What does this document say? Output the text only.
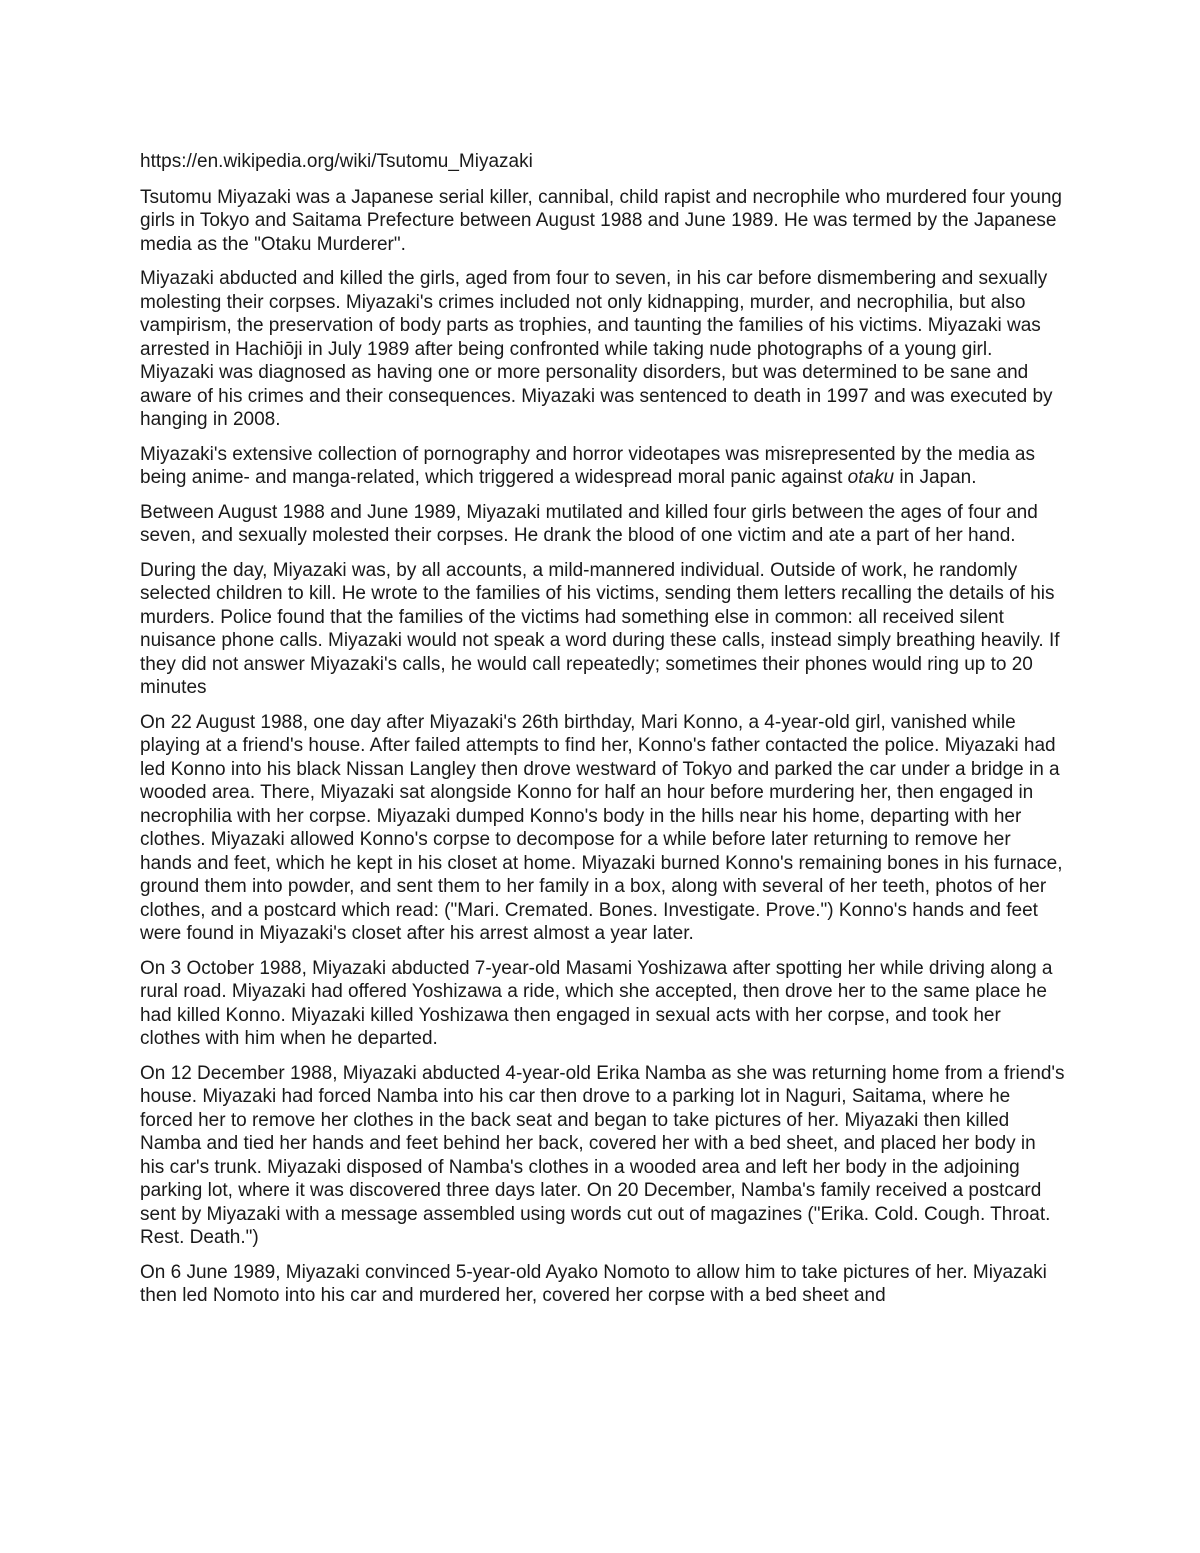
https://en.wikipedia.org/wiki/Tsutomu_Miyazaki

Tsutomu Miyazaki was a Japanese serial killer, cannibal, child rapist and necrophile who murdered four young girls in Tokyo and Saitama Prefecture between August 1988 and June 1989. He was termed by the Japanese media as the "Otaku Murderer".

Miyazaki abducted and killed the girls, aged from four to seven, in his car before dismembering and sexually molesting their corpses. Miyazaki's crimes included not only kidnapping, murder, and necrophilia, but also vampirism, the preservation of body parts as trophies, and taunting the families of his victims. Miyazaki was arrested in Hachiōji in July 1989 after being confronted while taking nude photographs of a young girl. Miyazaki was diagnosed as having one or more personality disorders, but was determined to be sane and aware of his crimes and their consequences. Miyazaki was sentenced to death in 1997 and was executed by hanging in 2008.

Miyazaki's extensive collection of pornography and horror videotapes was misrepresented by the media as being anime- and manga-related, which triggered a widespread moral panic against otaku in Japan.

Between August 1988 and June 1989, Miyazaki mutilated and killed four girls between the ages of four and seven, and sexually molested their corpses. He drank the blood of one victim and ate a part of her hand.

During the day, Miyazaki was, by all accounts, a mild-mannered individual. Outside of work, he randomly selected children to kill. He wrote to the families of his victims, sending them letters recalling the details of his murders. Police found that the families of the victims had something else in common: all received silent nuisance phone calls. Miyazaki would not speak a word during these calls, instead simply breathing heavily. If they did not answer Miyazaki's calls, he would call repeatedly; sometimes their phones would ring up to 20 minutes

On 22 August 1988, one day after Miyazaki's 26th birthday, Mari Konno, a 4-year-old girl, vanished while playing at a friend's house. After failed attempts to find her, Konno's father contacted the police. Miyazaki had led Konno into his black Nissan Langley then drove westward of Tokyo and parked the car under a bridge in a wooded area. There, Miyazaki sat alongside Konno for half an hour before murdering her, then engaged in necrophilia with her corpse. Miyazaki dumped Konno's body in the hills near his home, departing with her clothes. Miyazaki allowed Konno's corpse to decompose for a while before later returning to remove her hands and feet, which he kept in his closet at home. Miyazaki burned Konno's remaining bones in his furnace, ground them into powder, and sent them to her family in a box, along with several of her teeth, photos of her clothes, and a postcard which read: ("Mari. Cremated. Bones. Investigate. Prove.") Konno's hands and feet were found in Miyazaki's closet after his arrest almost a year later.

On 3 October 1988, Miyazaki abducted 7-year-old Masami Yoshizawa after spotting her while driving along a rural road. Miyazaki had offered Yoshizawa a ride, which she accepted, then drove her to the same place he had killed Konno. Miyazaki killed Yoshizawa then engaged in sexual acts with her corpse, and took her clothes with him when he departed.

On 12 December 1988, Miyazaki abducted 4-year-old Erika Namba as she was returning home from a friend's house. Miyazaki had forced Namba into his car then drove to a parking lot in Naguri, Saitama, where he forced her to remove her clothes in the back seat and began to take pictures of her. Miyazaki then killed Namba and tied her hands and feet behind her back, covered her with a bed sheet, and placed her body in his car's trunk. Miyazaki disposed of Namba's clothes in a wooded area and left her body in the adjoining parking lot, where it was discovered three days later. On 20 December, Namba's family received a postcard sent by Miyazaki with a message assembled using words cut out of magazines ("Erika. Cold. Cough. Throat. Rest. Death.")

On 6 June 1989, Miyazaki convinced 5-year-old Ayako Nomoto to allow him to take pictures of her. Miyazaki then led Nomoto into his car and murdered her, covered her corpse with a bed sheet and
